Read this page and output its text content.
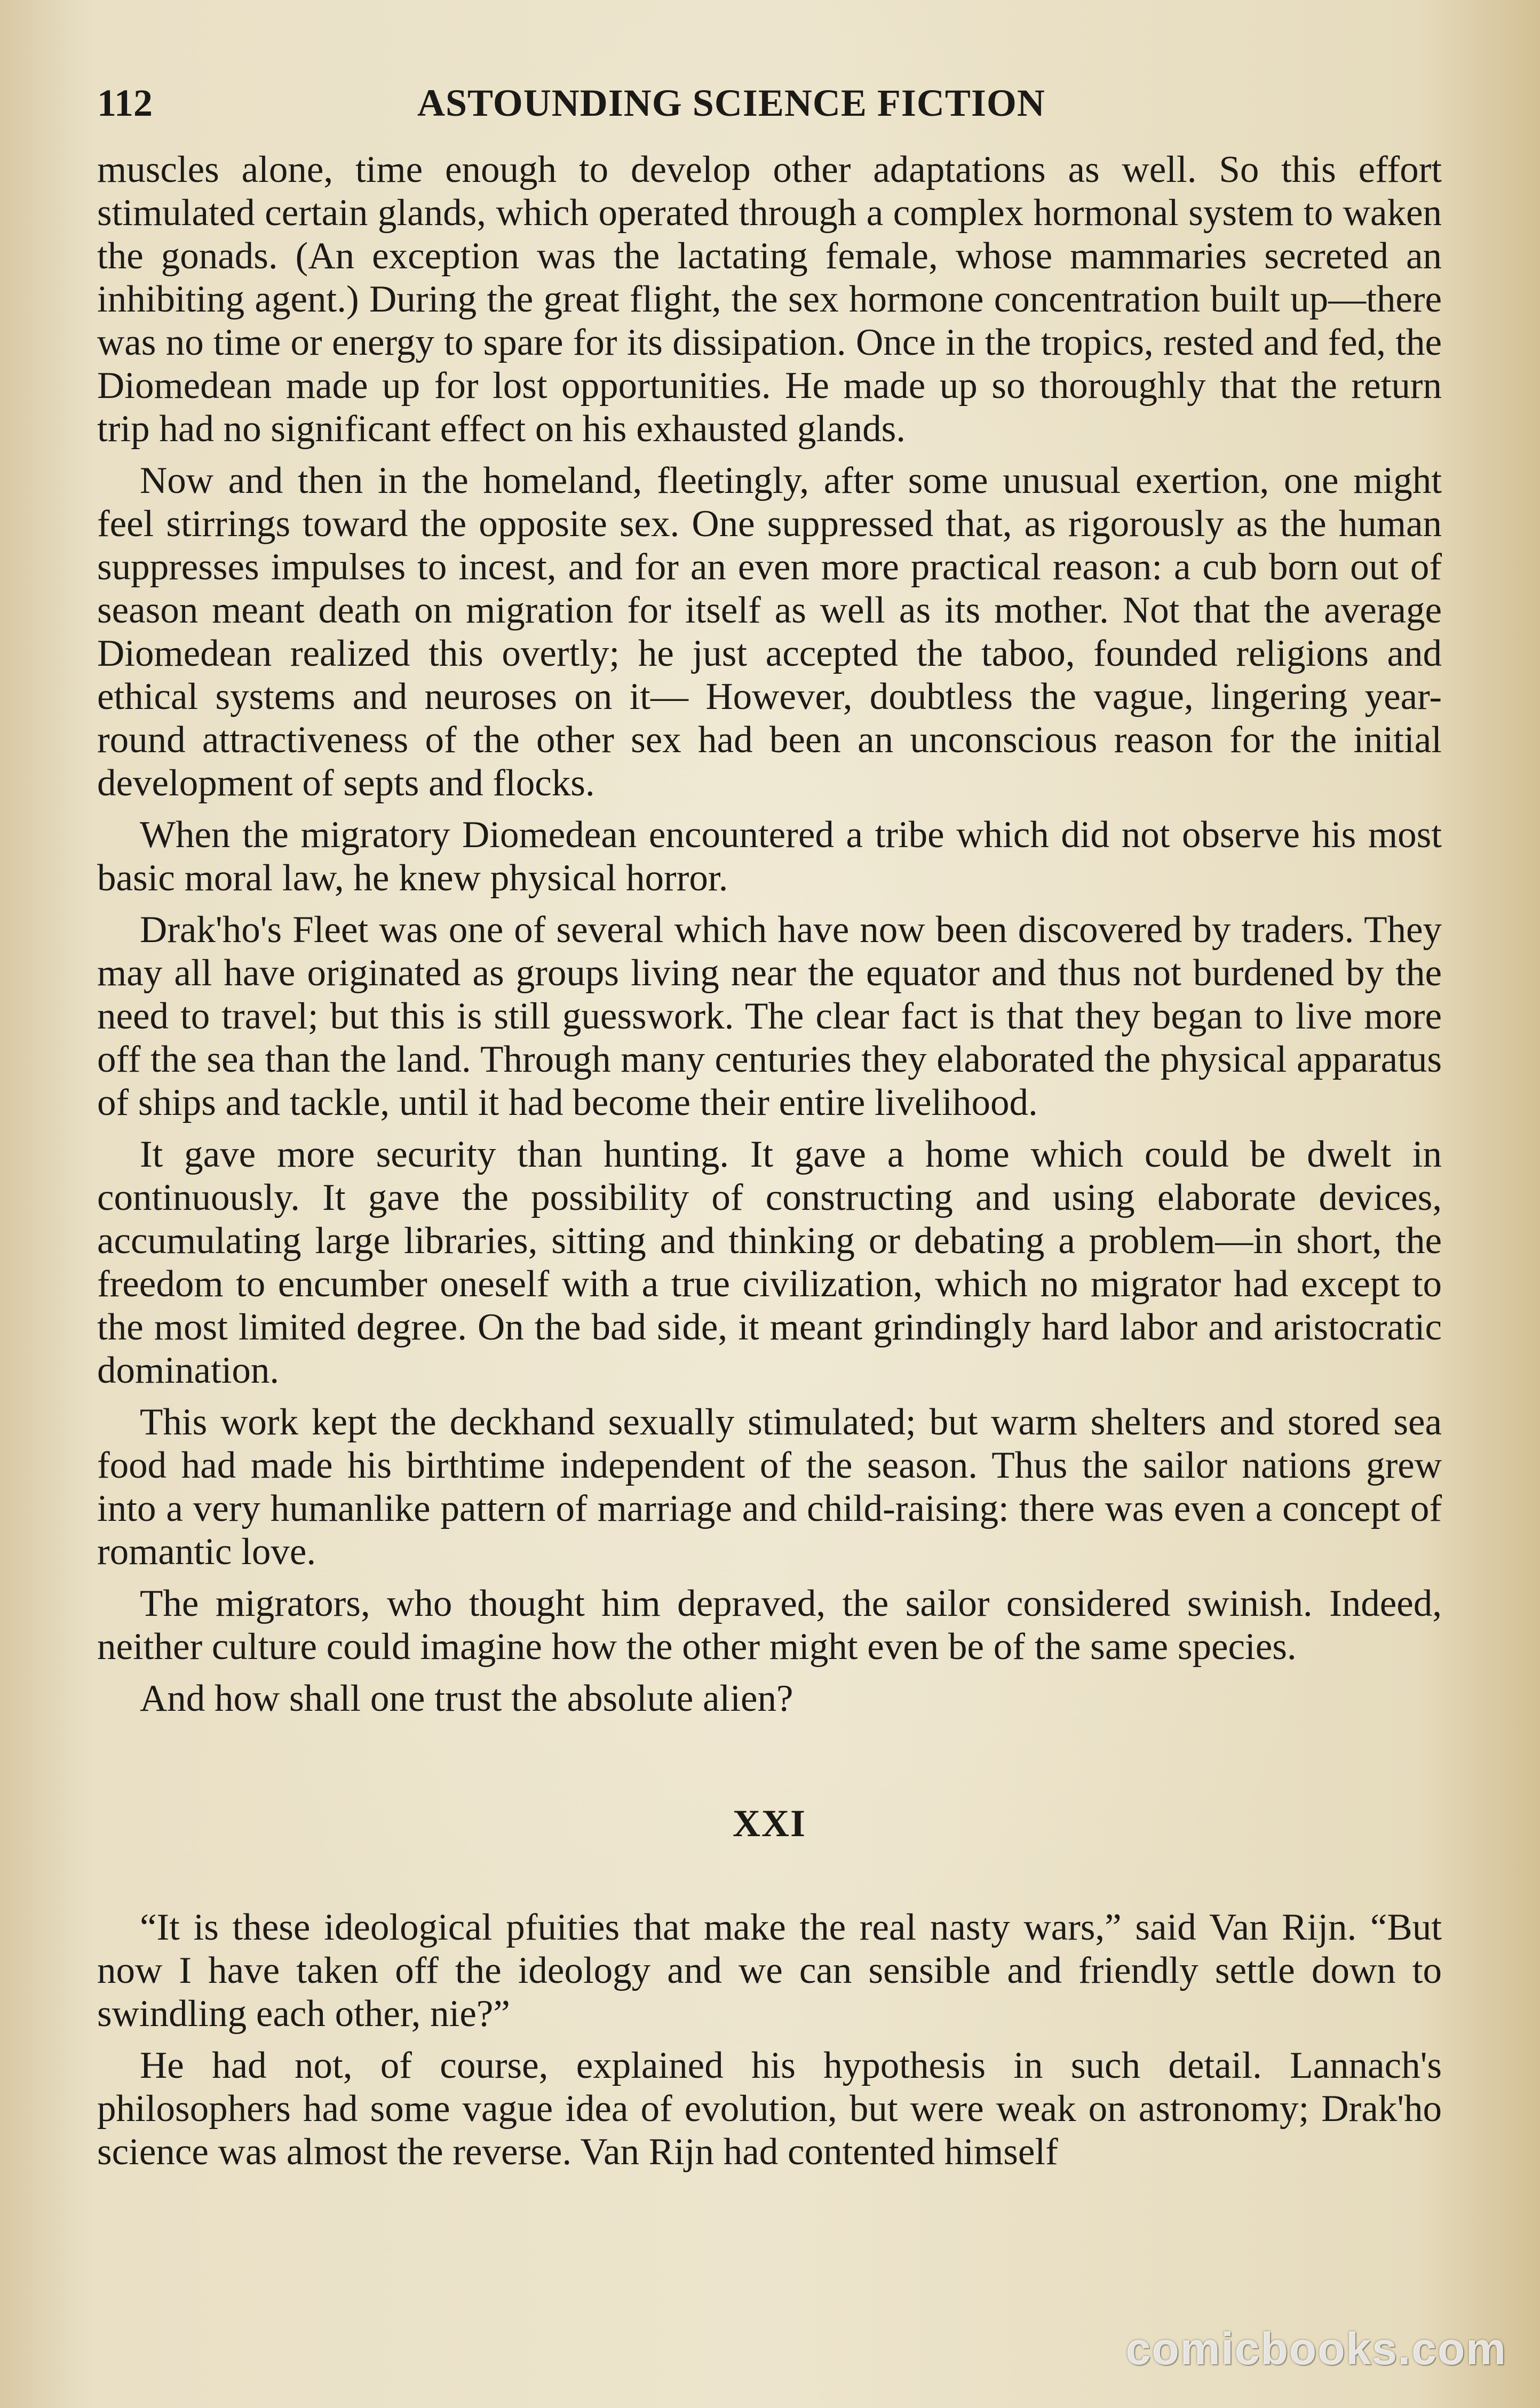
112	ASTOUNDING SCIENCE FICTION

muscles alone, time enough to develop other adaptations as well. So this effort stimulated certain glands, which operated through a complex hormonal system to waken the gonads. (An exception was the lactating female, whose mammaries secreted an inhibiting agent.) During the great flight, the sex hormone concentration built up—there was no time or energy to spare for its dissipation. Once in the tropics, rested and fed, the Diomedean made up for lost opportunities. He made up so thoroughly that the return trip had no significant effect on his exhausted glands.

Now and then in the homeland, fleetingly, after some unusual exertion, one might feel stirrings toward the opposite sex. One suppressed that, as rigorously as the human suppresses impulses to incest, and for an even more practical reason: a cub born out of season meant death on migration for itself as well as its mother. Not that the average Diomedean realized this overtly; he just accepted the taboo, founded religions and ethical systems and neuroses on it— However, doubtless the vague, lingering year-round attractiveness of the other sex had been an unconscious reason for the initial development of septs and flocks.

When the migratory Diomedean encountered a tribe which did not observe his most basic moral law, he knew physical horror.

Drak'ho's Fleet was one of several which have now been discovered by traders. They may all have originated as groups living near the equator and thus not burdened by the need to travel; but this is still guesswork. The clear fact is that they began to live more off the sea than the land. Through many centuries they elaborated the physical apparatus of ships and tackle, until it had become their entire livelihood.

It gave more security than hunting. It gave a home which could be dwelt in continuously. It gave the possibility of constructing and using elaborate devices, accumulating large libraries, sitting and thinking or debating a problem—in short, the freedom to encumber oneself with a true civilization, which no migrator had except to the most limited degree. On the bad side, it meant grindingly hard labor and aristocratic domination.

This work kept the deckhand sexually stimulated; but warm shelters and stored sea food had made his birthtime independent of the season. Thus the sailor nations grew into a very humanlike pattern of marriage and child-raising: there was even a concept of romantic love.

The migrators, who thought him depraved, the sailor considered swinish. Indeed, neither culture could imagine how the other might even be of the same species.

And how shall one trust the absolute alien?

XXI

“It is these ideological pfuities that make the real nasty wars,” said Van Rijn. “But now I have taken off the ideology and we can sensible and friendly settle down to swindling each other, nie?”

He had not, of course, explained his hypothesis in such detail. Lannach's philosophers had some vague idea of evolution, but were weak on astronomy; Drak'ho science was almost the reverse. Van Rijn had contented himself

comicbooks.com
